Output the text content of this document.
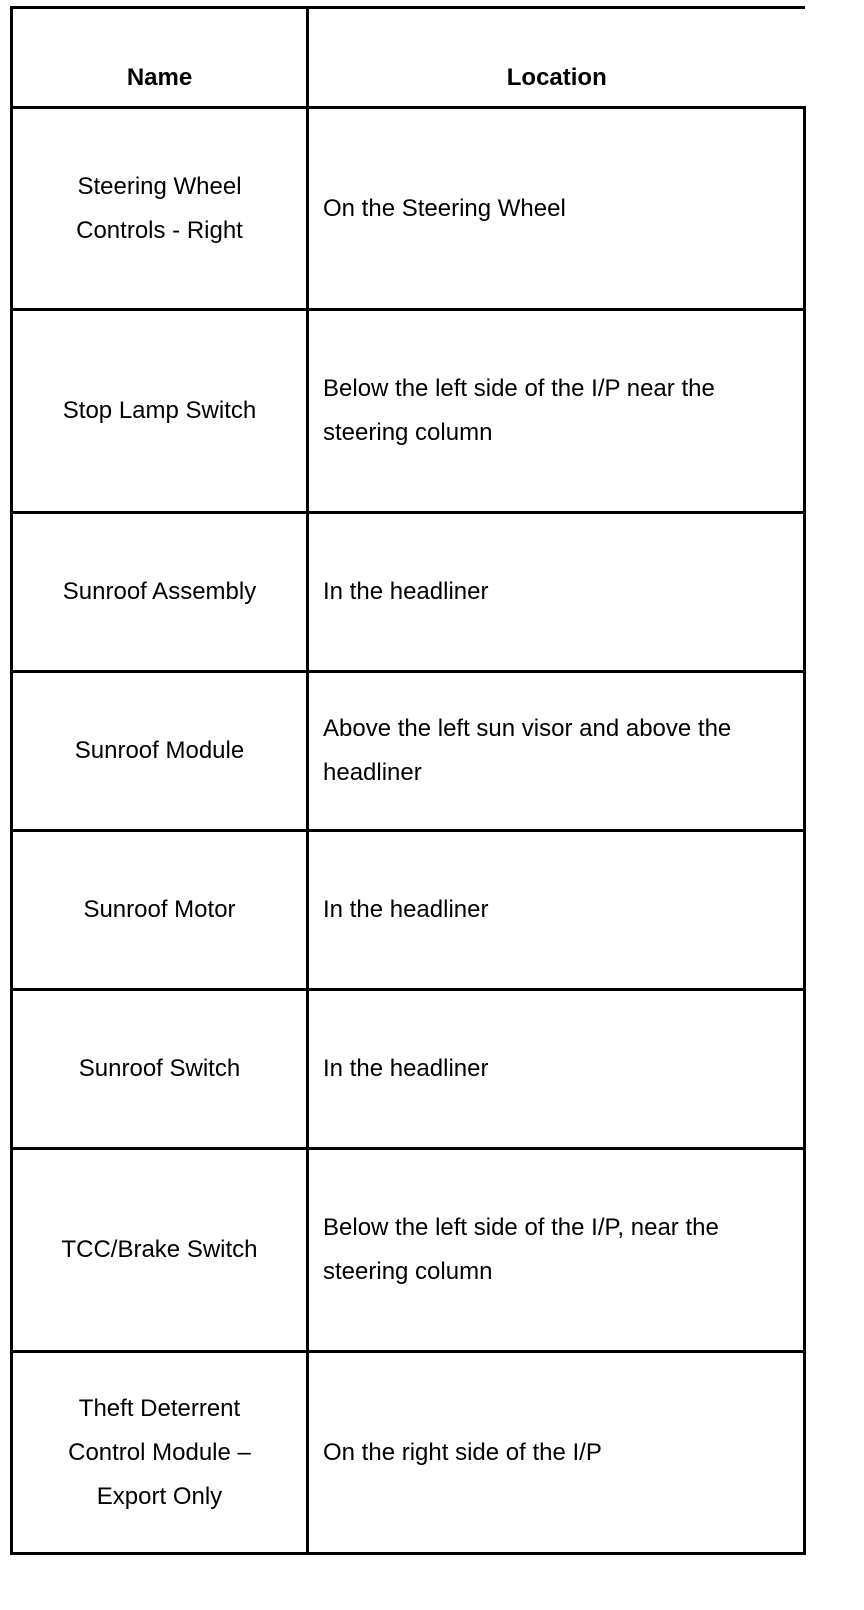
Name	Location
Steering Wheel Controls - Right	On the Steering Wheel
Stop Lamp Switch	Below the left side of the I/P near the steering column
Sunroof Assembly	In the headliner
Sunroof Module	Above the left sun visor and above the headliner
Sunroof Motor	In the headliner
Sunroof Switch	In the headliner
TCC/Brake Switch	Below the left side of the I/P, near the steering column
Theft Deterrent Control Module – Export Only	On the right side of the I/P
